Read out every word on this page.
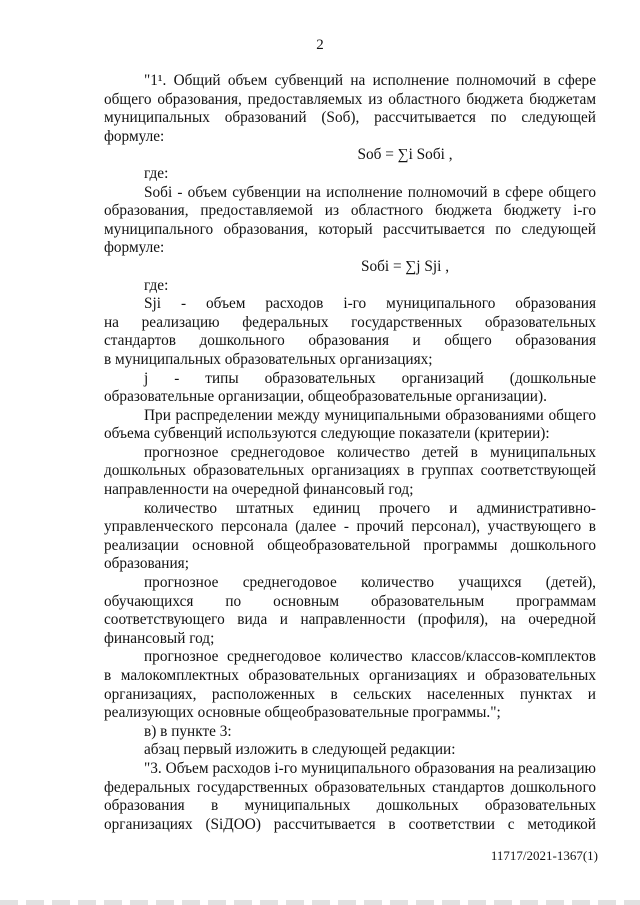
2

"1¹. Общий объем субвенций на исполнение полномочий в сфере

общего образования, предоставляемых из областного бюджета бюджетам

муниципальных образований (Sоб), рассчитывается по следующей

формуле:

Sоб = ∑i Sобi ,

где:

Sобi - объем субвенции на исполнение полномочий в сфере общего

образования, предоставляемой из областного бюджета бюджету i-го

муниципального образования, который рассчитывается по следующей

формуле:

Sобi = ∑j Sji ,

где:

Sji - объем расходов i-го муниципального образования

на реализацию федеральных государственных образовательных

стандартов дошкольного образования и общего образования

в муниципальных образовательных организациях;

j - типы образовательных организаций (дошкольные

образовательные организации, общеобразовательные организации).

При распределении между муниципальными образованиями общего

объема субвенций используются следующие показатели (критерии):

прогнозное среднегодовое количество детей в муниципальных

дошкольных образовательных организациях в группах соответствующей

направленности на очередной финансовый год;

количество штатных единиц прочего и административно-

управленческого персонала (далее - прочий персонал), участвующего в

реализации основной общеобразовательной программы дошкольного

образования;

прогнозное среднегодовое количество учащихся (детей),

обучающихся по основным образовательным программам

соответствующего вида и направленности (профиля), на очередной

финансовый год;

прогнозное среднегодовое количество классов/классов-комплектов

в малокомплектных образовательных организациях и образовательных

организациях, расположенных в сельских населенных пунктах и

реализующих основные общеобразовательные программы.";

в) в пункте 3:

абзац первый изложить в следующей редакции:

"3. Объем расходов i-го муниципального образования на реализацию

федеральных государственных образовательных стандартов дошкольного

образования в муниципальных дошкольных образовательных

организациях (SiДОО) рассчитывается в соответствии с методикой

11717/2021-1367(1)
